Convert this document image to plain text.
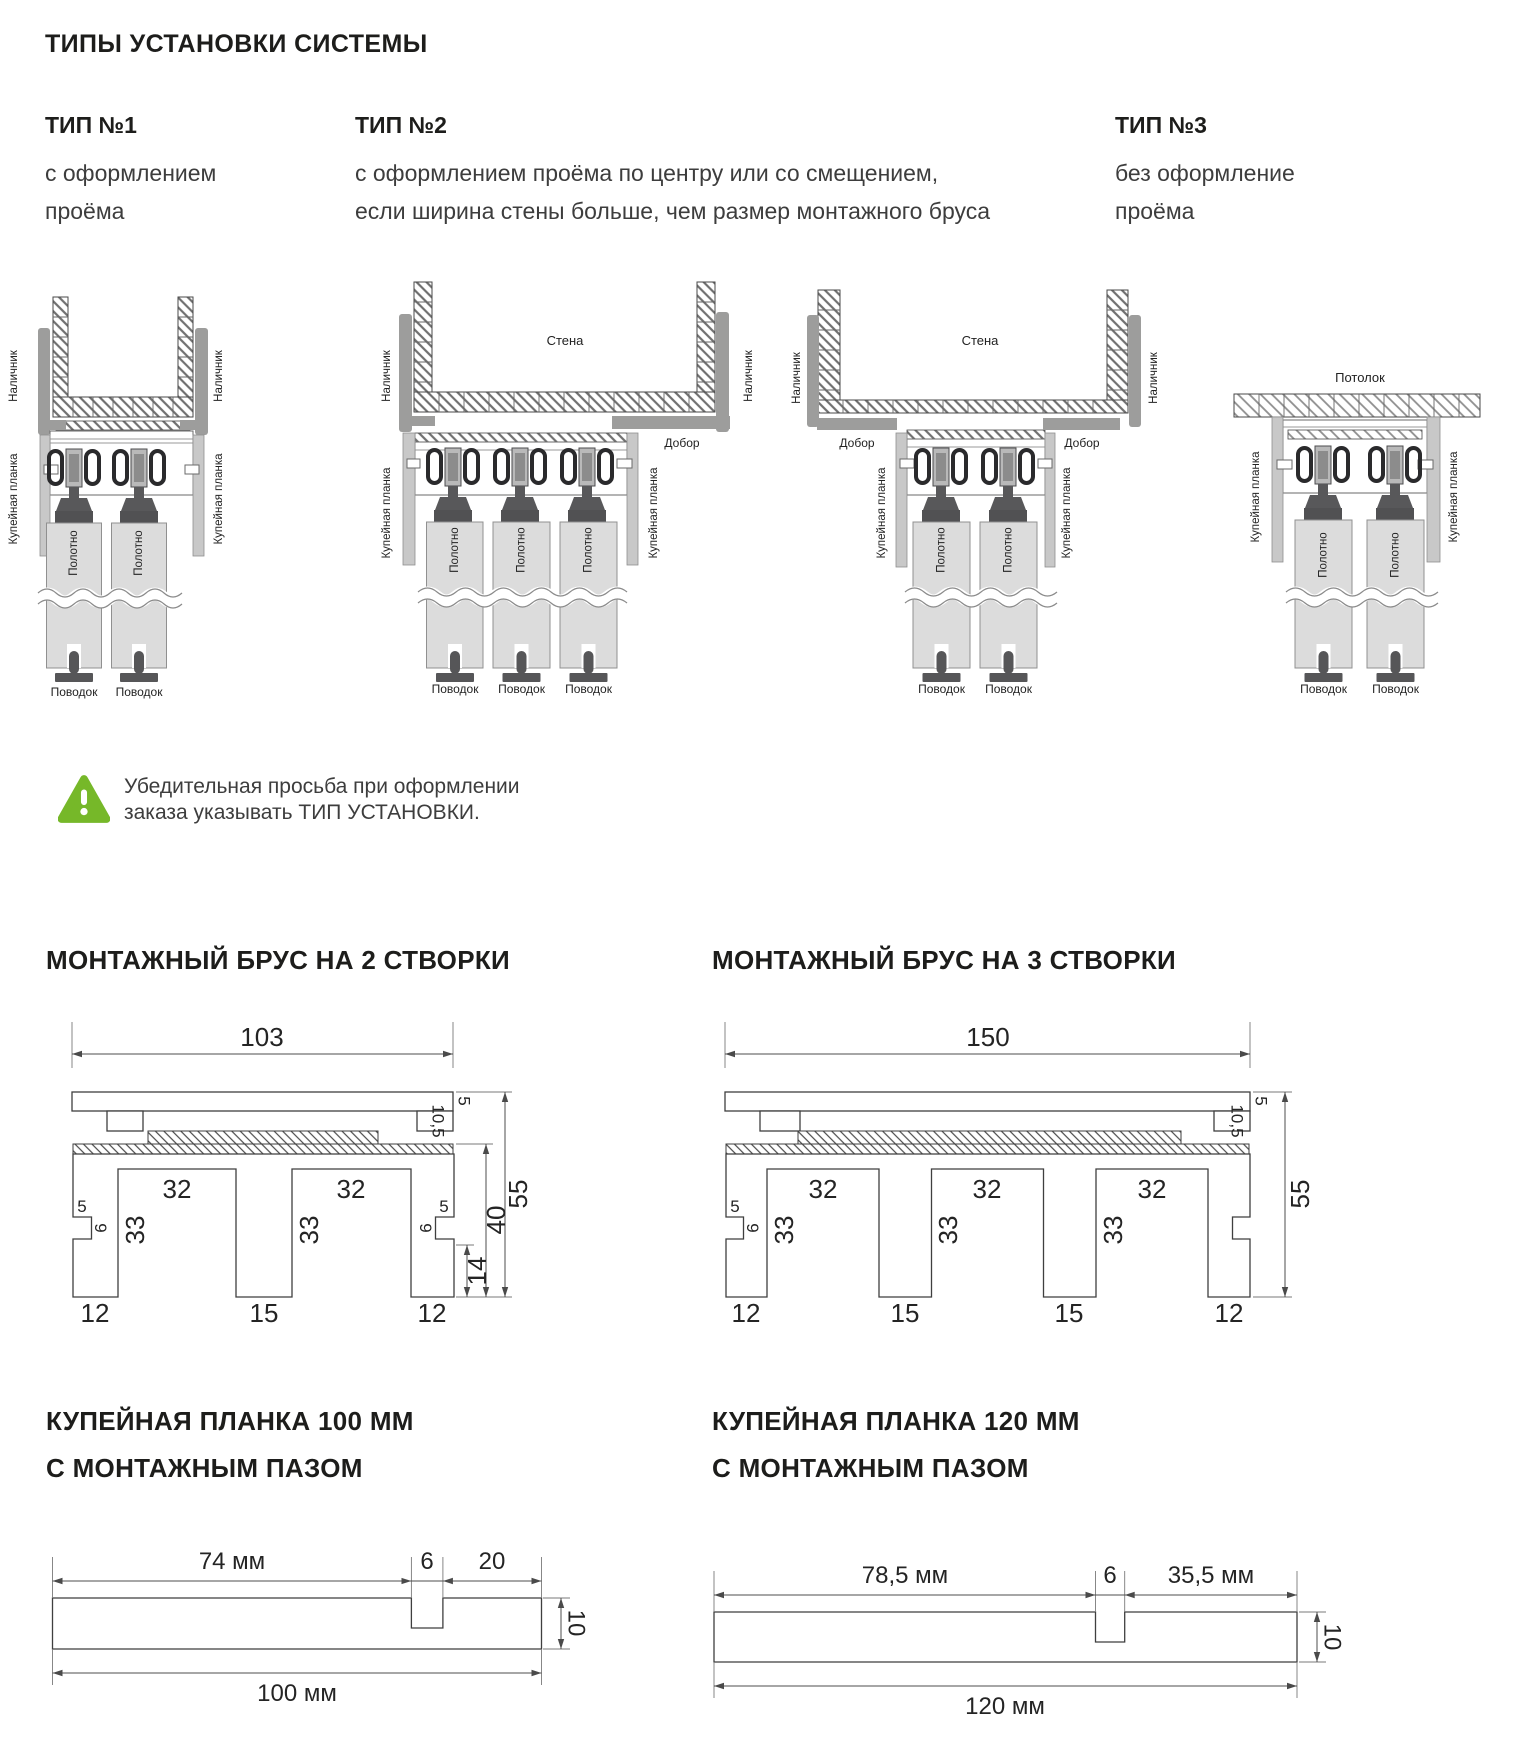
ТИПЫ УСТАНОВКИ СИСТЕМЫ
ТИП №1
с оформлением
проёма
ТИП №2
с оформлением проёма по центру или со смещением,
если ширина стены больше, чем размер монтажного бруса
ТИП №3
без оформление
проёма
Наличник	Наличник
Купейная планка	Купейная планка
Полотно	Полотно
Поводок Поводок
Стена
Добор
Наличник	Наличник
Купейная планка	Купейная планка
Полотно	Полотно	Полотно
Поводок Поводок Поводок
Стена
Добор	Добор
Наличник	Наличник
Купейная планка	Купейная планка
Полотно	Полотно
Поводок Поводок
Потолок
Купейная планка	Купейная планка
Полотно	Полотно
Поводок Поводок
Убедительная просьба при оформлении
заказа указывать ТИП УСТАНОВКИ.
МОНТАЖНЫЙ БРУС НА 2 СТВОРКИ	МОНТАЖНЫЙ БРУС НА 3 СТВОРКИ
103
14
40
55
5
10,5
32	32
33	33
5
6
5
6
12	15	12
150
55
5
10,5
32	32	32
33	33	33
5
6
12	15	15	12
КУПЕЙНАЯ ПЛАНКА 100 ММ
С МОНТАЖНЫМ ПАЗОМ
КУПЕЙНАЯ ПЛАНКА 120 ММ
С МОНТАЖНЫМ ПАЗОМ
74 мм	6 20
10
100 мм
78,5 мм	6 35,5 мм
10
120 мм
